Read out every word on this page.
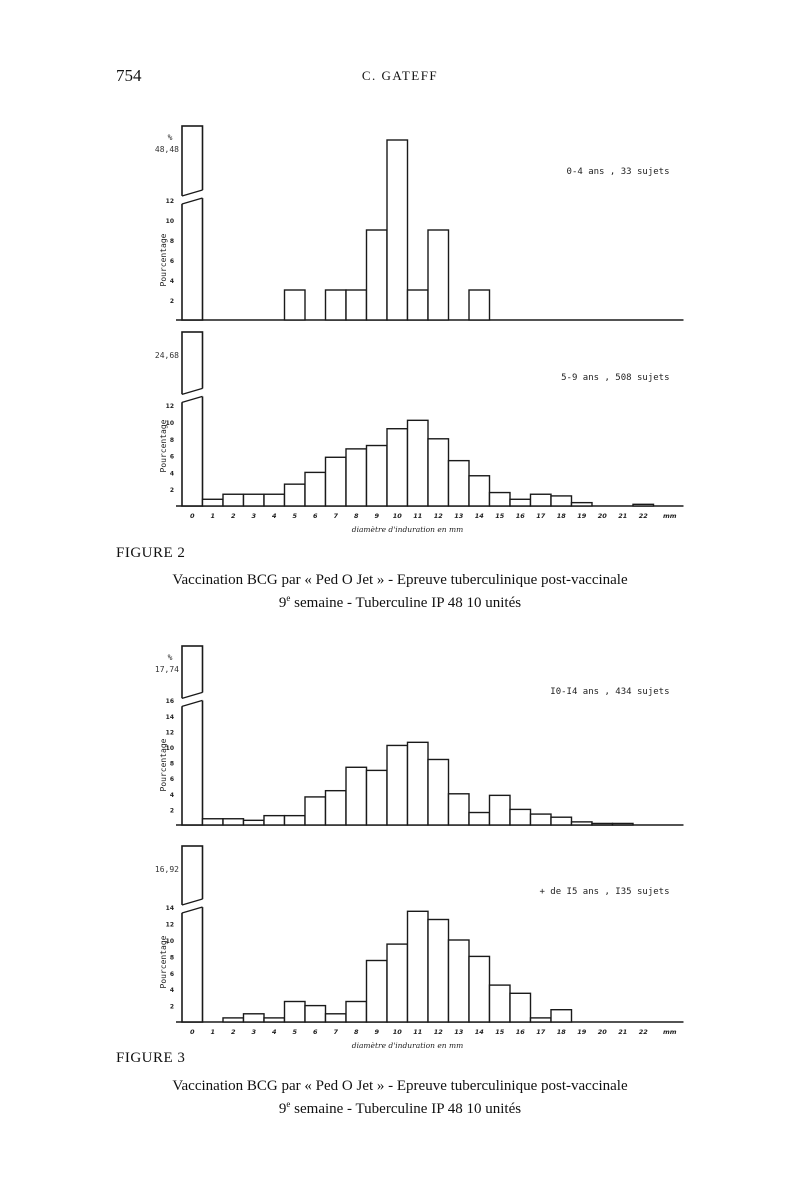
754	C. GATEFF
2
4
6
8
10
12
Pourcentage
%
48,48
0-4 ans , 33 sujets
2
4
6
8
10
12
Pourcentage
24,68
0 1 2 3 4 5 6 7 8 9 10 11 12 13 14 15 16 17 18 19 20 21 22 mm
diamètre d'induration en mm
5-9 ans , 508 sujets
FIGURE 2
Vaccination BCG par « Ped O Jet » - Epreuve tuberculinique post-vaccinale
9e semaine - Tuberculine IP 48 10 unités
2
4
6
8
10
12
14
16
Pourcentage
%
17,74
I0-I4 ans , 434 sujets
2
4
6
8
10
12
14
Pourcentage
16,92
0 1 2 3 4 5 6 7 8 9 10 11 12 13 14 15 16 17 18 19 20 21 22 mm
diamètre d'induration en mm
+ de I5 ans , I35 sujets
FIGURE 3
Vaccination BCG par « Ped O Jet » - Epreuve tuberculinique post-vaccinale
9e semaine - Tuberculine IP 48 10 unités
